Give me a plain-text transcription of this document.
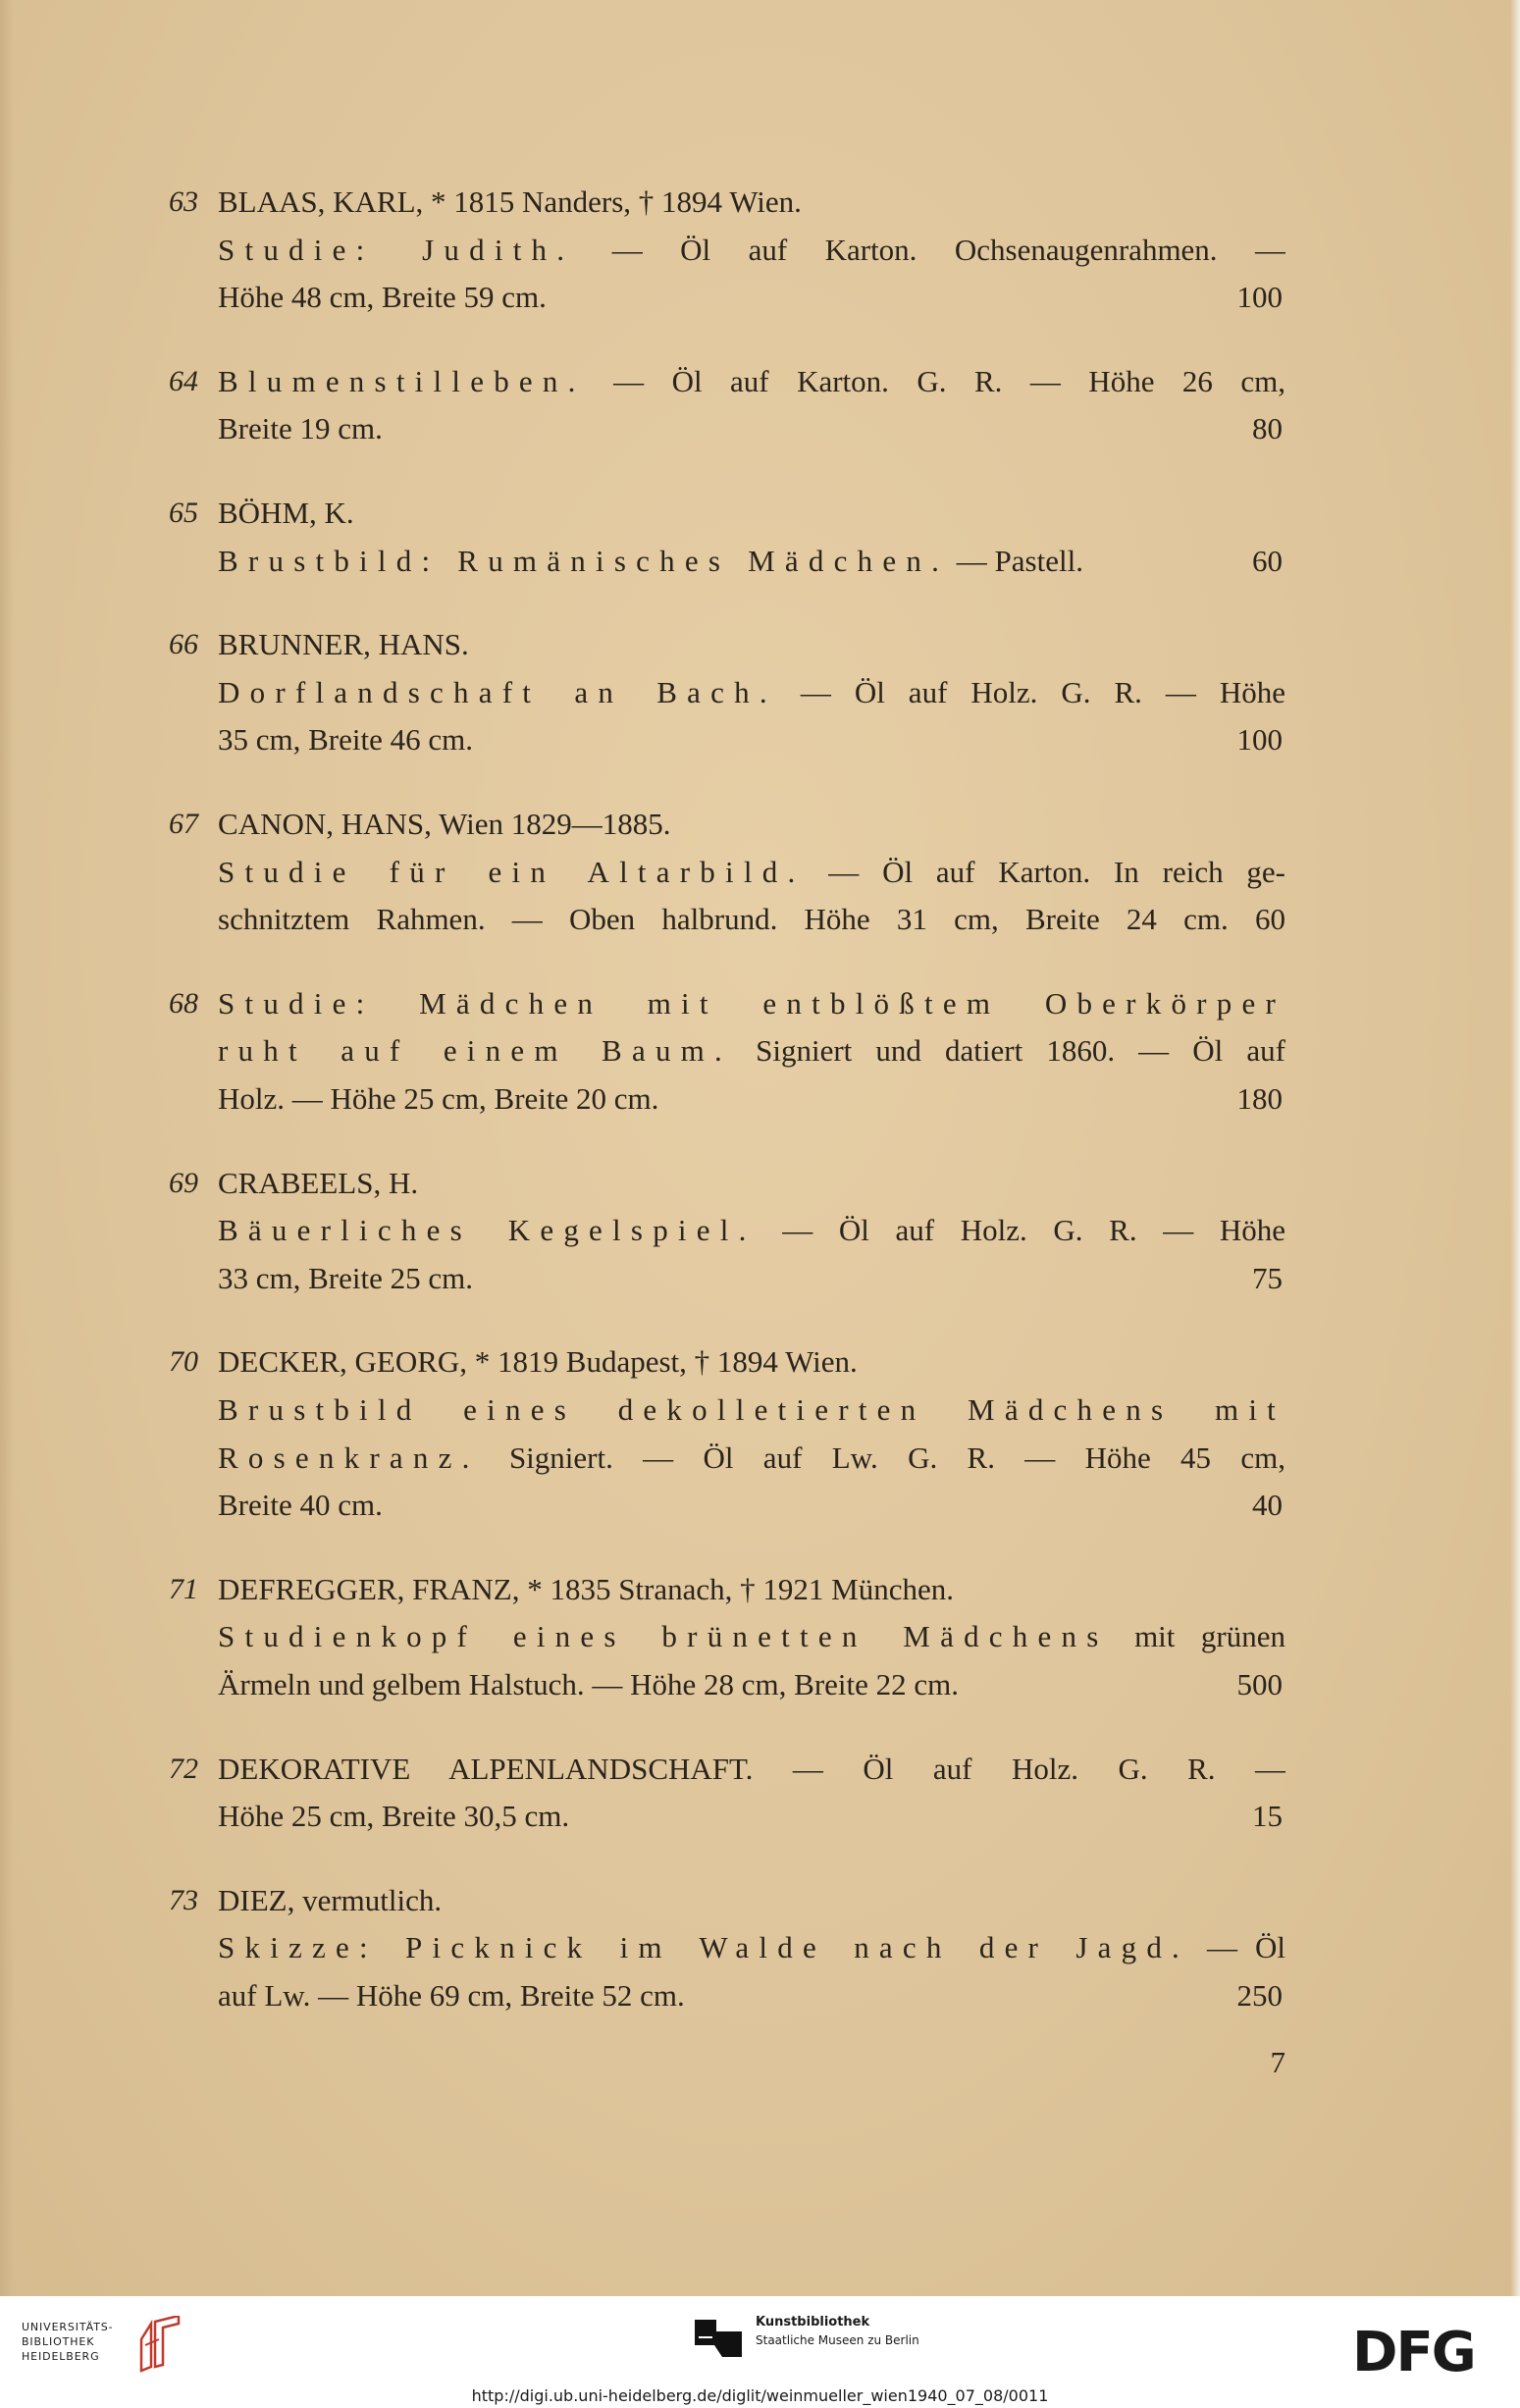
63 BLAAS, KARL, * 1815 Nanders, † 1894 Wien.
Studie: Judith. — Öl auf Karton. Ochsenaugenrahmen. —
Höhe 48 cm, Breite 59 cm.	100
64 Blumenstilleben. — Öl auf Karton. G. R. — Höhe 26 cm,
Breite 19 cm.	80
65 BÖHM, K.
Brustbild: Rumänisches Mädchen. — Pastell.	60
66 BRUNNER, HANS.
Dorflandschaft an Bach. — Öl auf Holz. G. R. — Höhe
35 cm, Breite 46 cm.	100
67 CANON, HANS, Wien 1829—1885.
Studie für ein Altarbild. — Öl auf Karton. In reich ge-
schnitztem Rahmen. — Oben halbrund. Höhe 31 cm, Breite 24 cm. 60
68 Studie: Mädchen mit entblößtem Oberkörper
ruht auf einem Baum. Signiert und datiert 1860. — Öl auf
Holz. — Höhe 25 cm, Breite 20 cm.	180
69 CRABEELS, H.
Bäuerliches Kegelspiel. — Öl auf Holz. G. R. — Höhe
33 cm, Breite 25 cm.	75
70 DECKER, GEORG, * 1819 Budapest, † 1894 Wien.
Brustbild eines dekolletierten Mädchens mit
Rosenkranz. Signiert. — Öl auf Lw. G. R. — Höhe 45 cm,
Breite 40 cm.	40
71 DEFREGGER, FRANZ, * 1835 Stranach, † 1921 München.
Studienkopf eines brünetten Mädchens mit grünen
Ärmeln und gelbem Halstuch. — Höhe 28 cm, Breite 22 cm.	500
72 DEKORATIVE ALPENLANDSCHAFT. — Öl auf Holz. G. R. —
Höhe 25 cm, Breite 30,5 cm.	15
73 DIEZ, vermutlich.
Skizze: Picknick im Walde nach der Jagd. — Öl
auf Lw. — Höhe 69 cm, Breite 52 cm.	250
7
UNIVERSITÄTS-
BIBLIOTHEK
HEIDELBERG
Kunstbibliothek
Staatliche Museen zu Berlin	DFG
http://digi.ub.uni-heidelberg.de/diglit/weinmueller_wien1940_07_08/0011
